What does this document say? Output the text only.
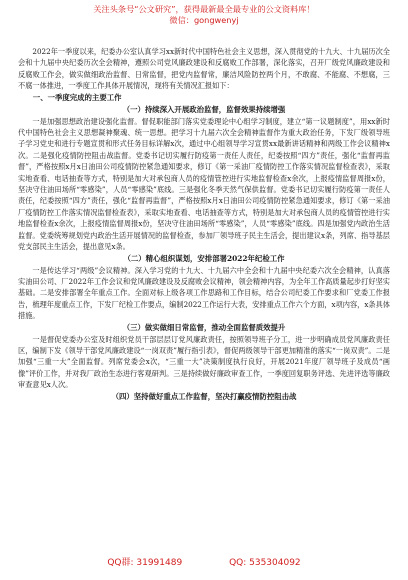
关注头条号“公文研究”，获得最新最全最专业的公文资料库！
微信：gongwenyj

2022年一季度以来，纪委办公室认真学习xx新时代中国特色社会主义思想，深入贯彻党的十九大、十九届历次全会和十九届中央纪委历次全会精神，遵照公司党风廉政建设和反腐败工作部署，深化落实，召开厂级党风廉政建设和反腐败工作会，做实做细政治监督、日常监督，把党内监督常，廉洁风险防控两个月，不敢腐、不能腐、不想腐，三不腐一体推进，一季度工作具体开展情况，现将有关情况汇报如下：

一、一季度完成的主要工作
（一）持续深入开展政治监督，监督效果持续增强

一是加强思想政治建设强化监督。督促职能部门落实党委理论中心组学习制度，建立“第一议题制度”，用xx新时代中国特色社会主义思想凝神聚魂、统一思想。把学习十九届六次全会精神监督作为重大政治任务，下发厂级领导班子学习党史和进行专题宣贯和形式任务目标详解x次，通过中心组领导学习宣贯xx最新讲话精神和两级工作会议精神x次。二是强化疫情防控阻击战监督。党委书记切实履行防疫第一责任人责任，纪委按照“四方”责任，强化“监督再监督”，严格按照x月x日油田公司疫情防控紧急通知要求，修订《第一采油厂疫情防控工作落实情况监督检查表》，采取实地查看、电话抽查等方式，特别是加大对承包商人员的疫情管控进行实地监督检查x余次，上报疫情监督周报x份，坚决守住油田场所“零感染”，人员“零感染”底线。三是强化冬季天然气保供监督。党委书记切实履行防疫第一责任人责任，纪委按照“四方”责任，强化“监督再监督”，严格按照x月x日油田公司疫情防控紧急通知要求，修订《第一采油厂疫情防控工作落实情况监督检查表》，采取实地查看、电话抽查等方式，特别是加大对承包商人员的疫情管控进行实地监督检查x余次，上报疫情监督周报x份，坚决守住油田场所“零感染”，人员“零感染”底线。四是加强党内政治生活监督。党委统筹规划党内政治生活开展情况的监督检查，参加厂领导班子民主生活会，提出建议x条，列席、指导基层党支部民主生活会，提出意见x条。

（二）精心组织谋划，安排部署2022年纪检工作

一是传达学习“两级”会议精神。深入学习党的十九大、十九届六中全会和十九届中央纪委六次全会精神，认真落实油田公司、厂2022年工作会议和党风廉政建设及反腐败会议精神，领会精神内容，为全年工作高质量起步打好坚实基础。二是安排部署全年重点工作。全面对标上级各项工作思路和工作目标，结合公司纪委工作要求和厂党委工作报告，梳理年度重点工作，下发厂纪检工作要点，编制2022工作运行大表，安排重点工作六个方面，x项内容，x条具体措施。

（三）做实做细日常监督，推动全面监督质效提升

一是督促党委办公室及时组织党员干部层层订党风廉政责任，按照领导班子分工，进一步明确成员党风廉政责任区，编制下发《领导干部党风廉政建设“一岗双责”履行指引表》，督促两级领导干部更加精准的落实“一岗双责”。二是加强“三重一大”全面监督。列席党委会x次，“三重一大”决策制度执行良好，开展2021年度厂领导班子及成员“画像”评价工作，并对我厂政治生态进行客观研判。三是持续做好廉政审查工作，一季度回复职务评选、先进评选等廉政审查意见x人次。

（四）坚持做好重点工作监督，坚决打赢疫情防控阻击战
QQ群: 31991489	QQ: 535304092
